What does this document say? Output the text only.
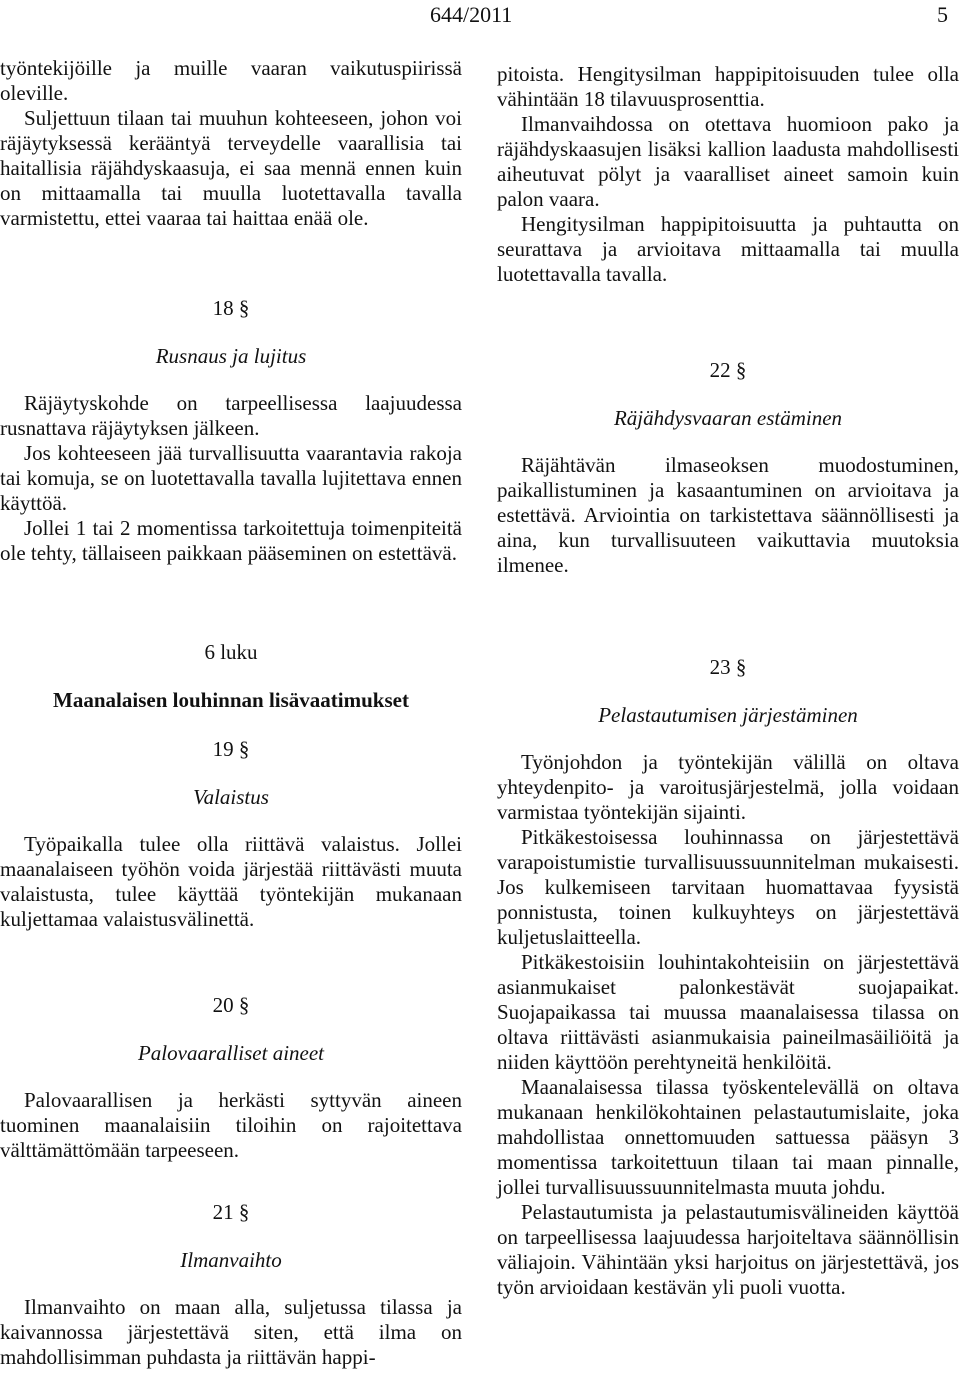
644/2011	5

työntekijöille ja muille vaaran vaikutuspiirissä oleville.

Suljettuun tilaan tai muuhun kohteeseen, johon voi räjäytyksessä kerääntyä terveydelle vaarallisia tai haitallisia räjähdyskaasuja, ei saa mennä ennen kuin on mittaamalla tai muulla luotettavalla tavalla varmistettu, ettei vaaraa tai haittaa enää ole.

18 §

Rusnaus ja lujitus

Räjäytyskohde on tarpeellisessa laajuudessa rusnattava räjäytyksen jälkeen.

Jos kohteeseen jää turvallisuutta vaarantavia rakoja tai komuja, se on luotettavalla tavalla lujitettava ennen käyttöä.

Jollei 1 tai 2 momentissa tarkoitettuja toimenpiteitä ole tehty, tällaiseen paikkaan pääseminen on estettävä.

6 luku

Maanalaisen louhinnan lisävaatimukset

19 §

Valaistus

Työpaikalla tulee olla riittävä valaistus. Jollei maanalaiseen työhön voida järjestää riittävästi muuta valaistusta, tulee käyttää työntekijän mukanaan kuljettamaa valaistusvälinettä.

20 §

Palovaaralliset aineet

Palovaarallisen ja herkästi syttyvän aineen tuominen maanalaisiin tiloihin on rajoitettava välttämättömään tarpeeseen.

21 §

Ilmanvaihto

Ilmanvaihto on maan alla, suljetussa tilassa ja kaivannossa järjestettävä siten, että ilma on mahdollisimman puhdasta ja riittävän happi-

pitoista. Hengitysilman happipitoisuuden tulee olla vähintään 18 tilavuusprosenttia.

Ilmanvaihdossa on otettava huomioon pako ja räjähdyskaasujen lisäksi kallion laadusta mahdollisesti aiheutuvat pölyt ja vaaralliset aineet samoin kuin palon vaara.

Hengitysilman happipitoisuutta ja puhtautta on seurattava ja arvioitava mittaamalla tai muulla luotettavalla tavalla.

22 §

Räjähdysvaaran estäminen

Räjähtävän ilmaseoksen muodostuminen, paikallistuminen ja kasaantuminen on arvioitava ja estettävä. Arviointia on tarkistettava säännöllisesti ja aina, kun turvallisuuteen vaikuttavia muutoksia ilmenee.

23 §

Pelastautumisen järjestäminen

Työnjohdon ja työntekijän välillä on oltava yhteydenpito- ja varoitusjärjestelmä, jolla voidaan varmistaa työntekijän sijainti.

Pitkäkestoisessa louhinnassa on järjestettävä varapoistumistie turvallisuussuunnitelman mukaisesti. Jos kulkemiseen tarvitaan huomattavaa fyysistä ponnistusta, toinen kulkuyhteys on järjestettävä kuljetuslaitteella.

Pitkäkestoisiin louhintakohteisiin on järjestettävä asianmukaiset palonkestävät suojapaikat. Suojapaikassa tai muussa maanalaisessa tilassa on oltava riittävästi asianmukaisia paineilmasäiliöitä ja niiden käyttöön perehtyneitä henkilöitä.

Maanalaisessa tilassa työskentelevällä on oltava mukanaan henkilökohtainen pelastautumislaite, joka mahdollistaa onnettomuuden sattuessa pääsyn 3 momentissa tarkoitettuun tilaan tai maan pinnalle, jollei turvallisuussuunnitelmasta muuta johdu.

Pelastautumista ja pelastautumisvälineiden käyttöä on tarpeellisessa laajuudessa harjoiteltava säännöllisin väliajoin. Vähintään yksi harjoitus on järjestettävä, jos työn arvioidaan kestävän yli puoli vuotta.
